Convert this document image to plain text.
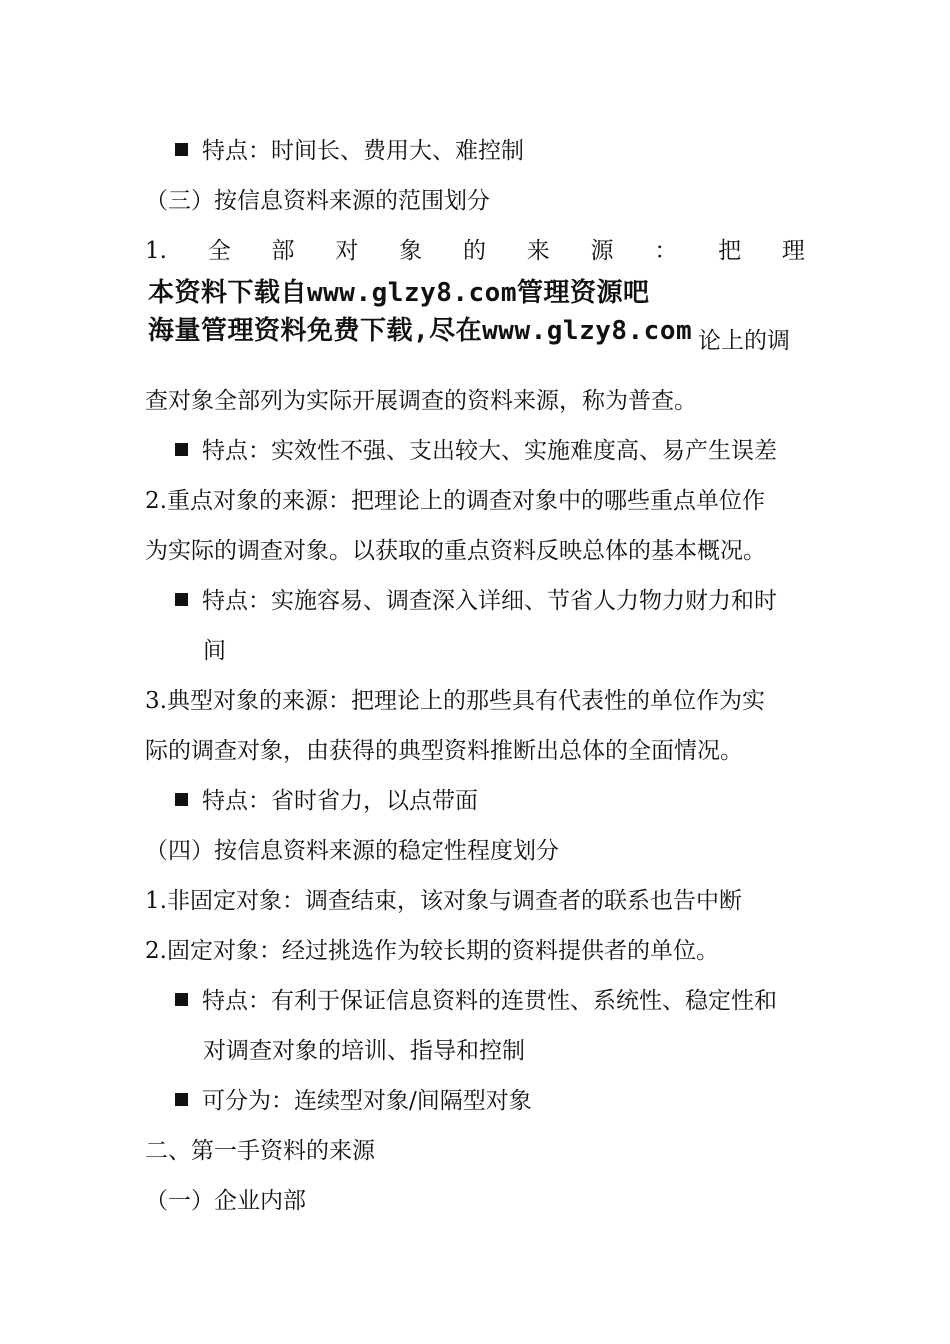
特点：时间长、费用大、难控制
（三）按信息资料来源的范围划分
1. 全 部 对 象 的 来 源 ： 把 理
本资料下载自www.glzy8.com管理资源吧
海量管理资料免费下载,尽在www.glzy8.com 论上的调
查对象全部列为实际开展调查的资料来源，称为普查。
特点：实效性不强、支出较大、实施难度高、易产生误差
2.重点对象的来源：把理论上的调查对象中的哪些重点单位作
为实际的调查对象。以获取的重点资料反映总体的基本概况。
特点：实施容易、调查深入详细、节省人力物力财力和时
间
3.典型对象的来源：把理论上的那些具有代表性的单位作为实
际的调查对象，由获得的典型资料推断出总体的全面情况。
特点：省时省力，以点带面
（四）按信息资料来源的稳定性程度划分
1.非固定对象：调查结束，该对象与调查者的联系也告中断
2.固定对象：经过挑选作为较长期的资料提供者的单位。
特点：有利于保证信息资料的连贯性、系统性、稳定性和
对调查对象的培训、指导和控制
可分为：连续型对象/间隔型对象
二、第一手资料的来源
（一）企业内部
